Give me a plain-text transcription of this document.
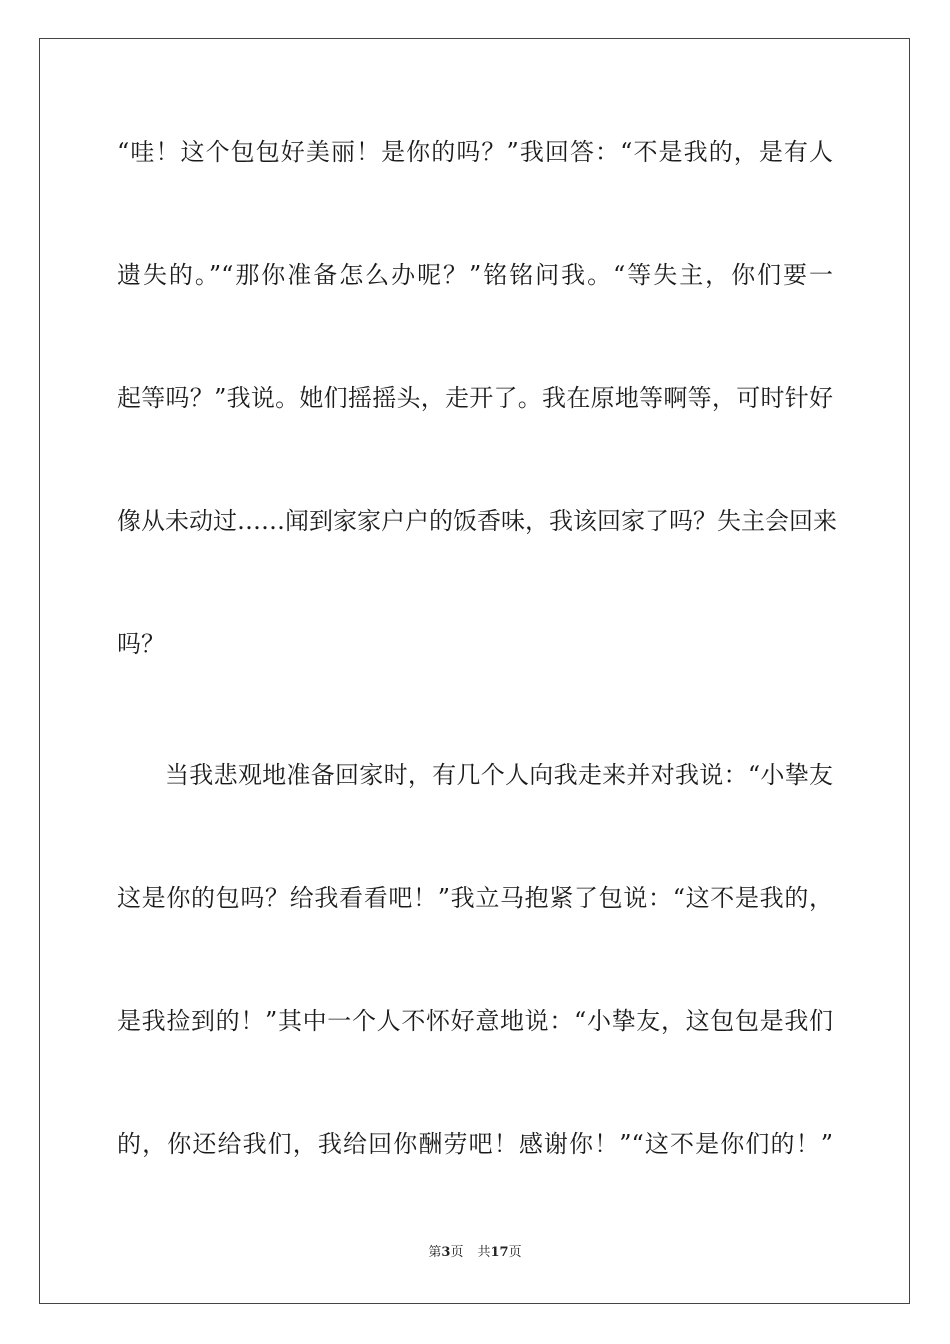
“哇！这个包包好美丽！是你的吗？”我回答：“不是我的，是有人
遗失的。”“那你准备怎么办呢？”铭铭问我。“等失主，你们要一
起等吗？”我说。她们摇摇头，走开了。我在原地等啊等，可时针好
像从未动过……闻到家家户户的饭香味，我该回家了吗？失主会回来
吗？
当我悲观地准备回家时，有几个人向我走来并对我说：“小挚友
这是你的包吗？给我看看吧！”我立马抱紧了包说：“这不是我的，
是我捡到的！”其中一个人不怀好意地说：“小挚友，这包包是我们
的，你还给我们，我给回你酬劳吧！感谢你！”“这不是你们的！”
第3页 共17页
